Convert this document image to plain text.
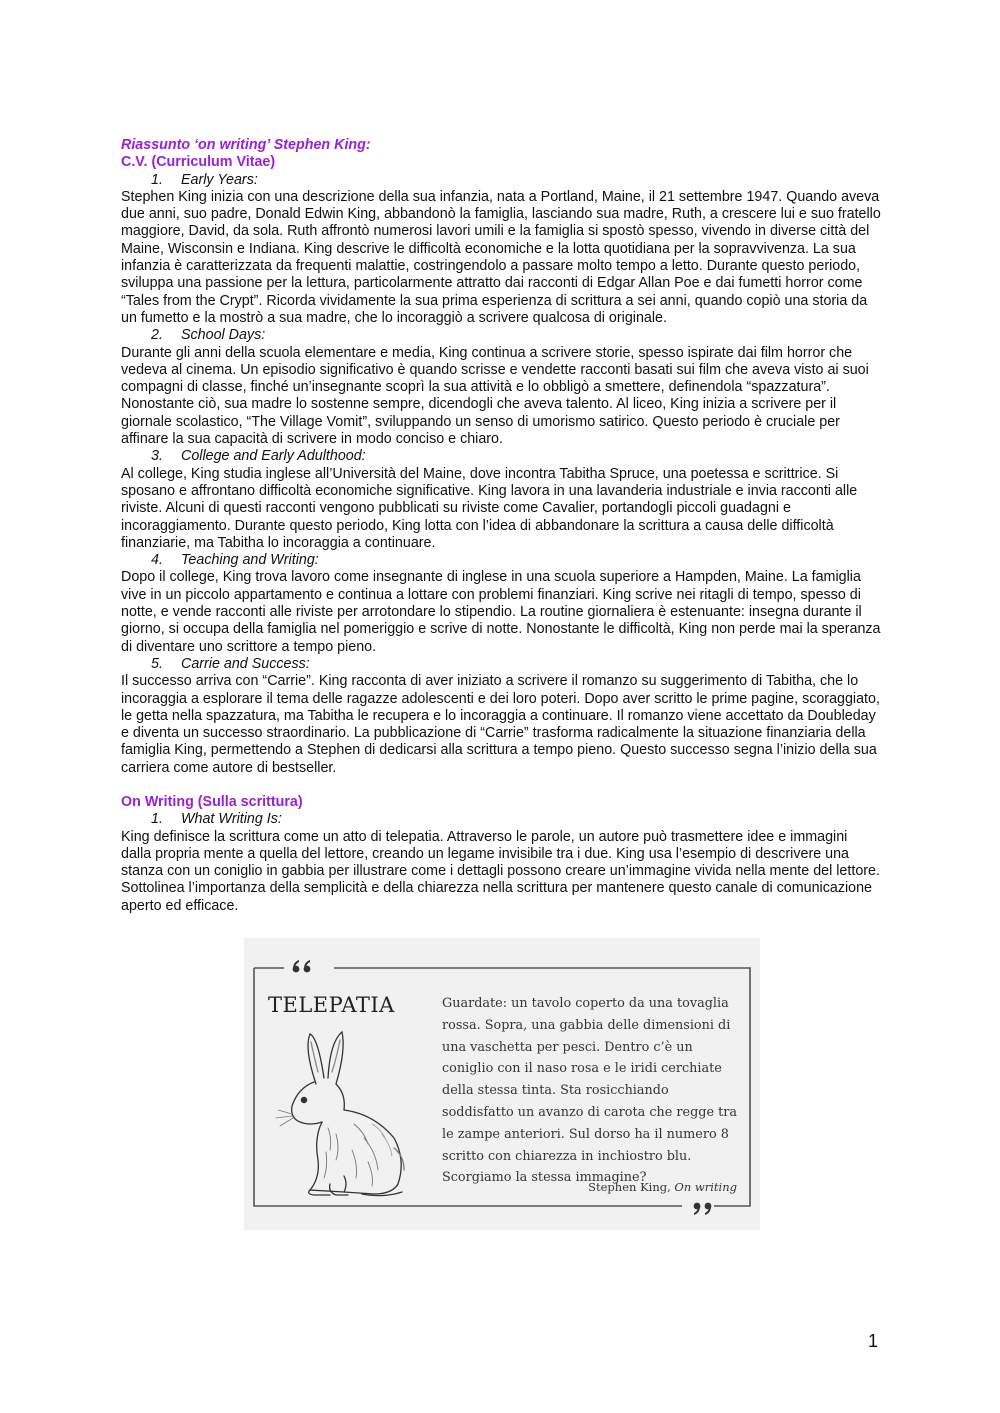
Riassunto ‘on writing’ Stephen King:

C.V. (Curriculum Vitae)

1.	Early Years:

Stephen King inizia con una descrizione della sua infanzia, nata a Portland, Maine, il 21 settembre 1947. Quando aveva due anni, suo padre, Donald Edwin King, abbandonò la famiglia, lasciando sua madre, Ruth, a crescere lui e suo fratello maggiore, David, da sola. Ruth affrontò numerosi lavori umili e la famiglia si spostò spesso, vivendo in diverse città del Maine, Wisconsin e Indiana. King descrive le difficoltà economiche e la lotta quotidiana per la sopravvivenza. La sua infanzia è caratterizzata da frequenti malattie, costringendolo a passare molto tempo a letto. Durante questo periodo, sviluppa una passione per la lettura, particolarmente attratto dai racconti di Edgar Allan Poe e dai fumetti horror come “Tales from the Crypt”. Ricorda vividamente la sua prima esperienza di scrittura a sei anni, quando copiò una storia da un fumetto e la mostrò a sua madre, che lo incoraggiò a scrivere qualcosa di originale.

2.	School Days:

Durante gli anni della scuola elementare e media, King continua a scrivere storie, spesso ispirate dai film horror che vedeva al cinema. Un episodio significativo è quando scrisse e vendette racconti basati sui film che aveva visto ai suoi compagni di classe, finché un’insegnante scoprì la sua attività e lo obbligò a smettere, definendola “spazzatura”. Nonostante ciò, sua madre lo sostenne sempre, dicendogli che aveva talento. Al liceo, King inizia a scrivere per il giornale scolastico, “The Village Vomit”, sviluppando un senso di umorismo satirico. Questo periodo è cruciale per affinare la sua capacità di scrivere in modo conciso e chiaro.

3.	College and Early Adulthood:

Al college, King studia inglese all’Università del Maine, dove incontra Tabitha Spruce, una poetessa e scrittrice. Si sposano e affrontano difficoltà economiche significative. King lavora in una lavanderia industriale e invia racconti alle riviste. Alcuni di questi racconti vengono pubblicati su riviste come Cavalier, portandogli piccoli guadagni e incoraggiamento. Durante questo periodo, King lotta con l’idea di abbandonare la scrittura a causa delle difficoltà finanziarie, ma Tabitha lo incoraggia a continuare.

4.	Teaching and Writing:

Dopo il college, King trova lavoro come insegnante di inglese in una scuola superiore a Hampden, Maine. La famiglia vive in un piccolo appartamento e continua a lottare con problemi finanziari. King scrive nei ritagli di tempo, spesso di notte, e vende racconti alle riviste per arrotondare lo stipendio. La routine giornaliera è estenuante: insegna durante il giorno, si occupa della famiglia nel pomeriggio e scrive di notte. Nonostante le difficoltà, King non perde mai la speranza di diventare uno scrittore a tempo pieno.

5.	Carrie and Success:

Il successo arriva con “Carrie”. King racconta di aver iniziato a scrivere il romanzo su suggerimento di Tabitha, che lo incoraggia a esplorare il tema delle ragazze adolescenti e dei loro poteri. Dopo aver scritto le prime pagine, scoraggiato, le getta nella spazzatura, ma Tabitha le recupera e lo incoraggia a continuare. Il romanzo viene accettato da Doubleday e diventa un successo straordinario. La pubblicazione di “Carrie” trasforma radicalmente la situazione finanziaria della famiglia King, permettendo a Stephen di dedicarsi alla scrittura a tempo pieno. Questo successo segna l’inizio della sua carriera come autore di bestseller.

On Writing (Sulla scrittura)

1.	What Writing Is:

King definisce la scrittura come un atto di telepatia. Attraverso le parole, un autore può trasmettere idee e immagini dalla propria mente a quella del lettore, creando un legame invisibile tra i due. King usa l’esempio di descrivere una stanza con un coniglio in gabbia per illustrare come i dettagli possono creare un’immagine vivida nella mente del lettore. Sottolinea l’importanza della semplicità e della chiarezza nella scrittura per mantenere questo canale di comunicazione aperto ed efficace.

TELEPATIA	Guardate: un tavolo coperto da una tovaglia rossa. Sopra, una gabbia delle dimensioni di una vaschetta per pesci. Dentro c’è un coniglio con il naso rosa e le iridi cerchiate della stessa tinta. Sta rosicchiando soddisfatto un avanzo di carota che regge tra le zampe anteriori. Sul dorso ha il numero 8 scritto con chiarezza in inchiostro blu. Scorgiamo la stessa immagine?

Stephen King, On writing

1
